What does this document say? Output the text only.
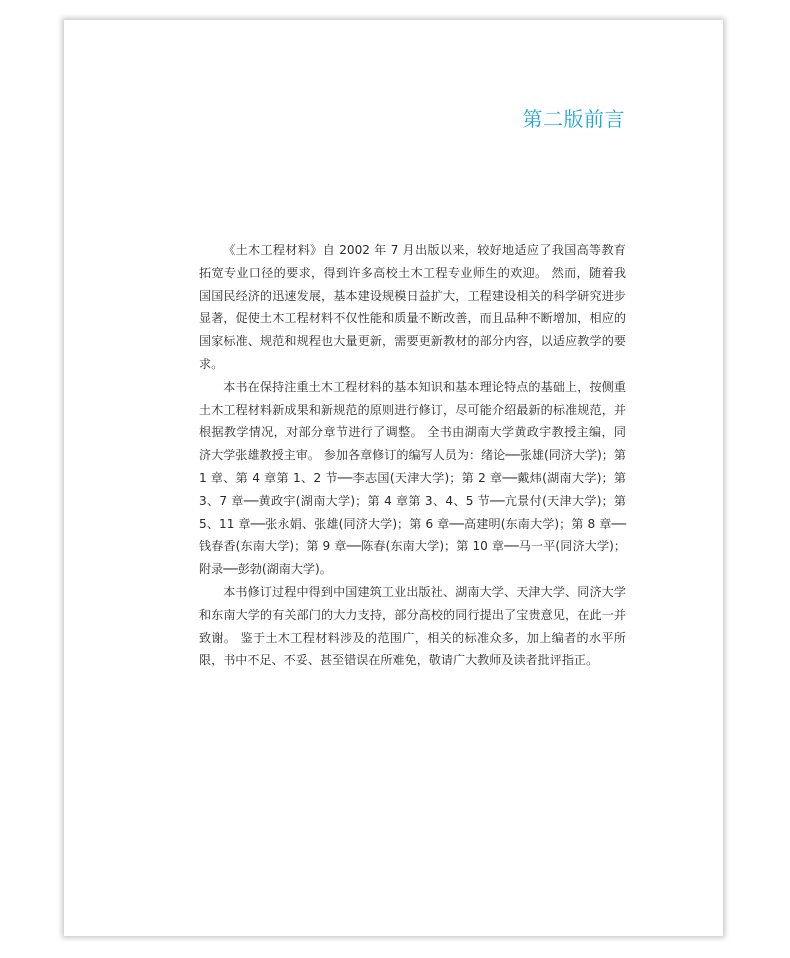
第二版前言

《土木工程材料》自 2002 年 7 月出版以来，较好地适应了我国高等教育拓宽专业口径的要求，得到许多高校土木工程专业师生的欢迎。 然而，随着我国国民经济的迅速发展，基本建设规模日益扩大，工程建设相关的科学研究进步显著，促使土木工程材料不仅性能和质量不断改善，而且品种不断增加，相应的国家标准、规范和规程也大量更新，需要更新教材的部分内容，以适应教学的要求。

本书在保持注重土木工程材料的基本知识和基本理论特点的基础上，按侧重土木工程材料新成果和新规范的原则进行修订，尽可能介绍最新的标准规范，并根据教学情况，对部分章节进行了调整。 全书由湖南大学黄政宇教授主编，同济大学张雄教授主审。 参加各章修订的编写人员为：绪论──张雄(同济大学)；第 1 章、第 4 章第 1、2 节──李志国(天津大学)；第 2 章──戴炜(湖南大学)；第 3、7 章──黄政宇(湖南大学)；第 4 章第 3、4、5 节──亢景付(天津大学)；第 5、11 章──张永娟、张雄(同济大学)；第 6 章──高建明(东南大学)；第 8 章──钱春香(东南大学)；第 9 章──陈春(东南大学)；第 10 章──马一平(同济大学)；附录──彭勃(湖南大学)。

本书修订过程中得到中国建筑工业出版社、湖南大学、天津大学、同济大学和东南大学的有关部门的大力支持，部分高校的同行提出了宝贵意见，在此一并致谢。 鉴于土木工程材料涉及的范围广，相关的标准众多，加上编者的水平所限，书中不足、不妥、甚至错误在所难免，敬请广大教师及读者批评指正。
